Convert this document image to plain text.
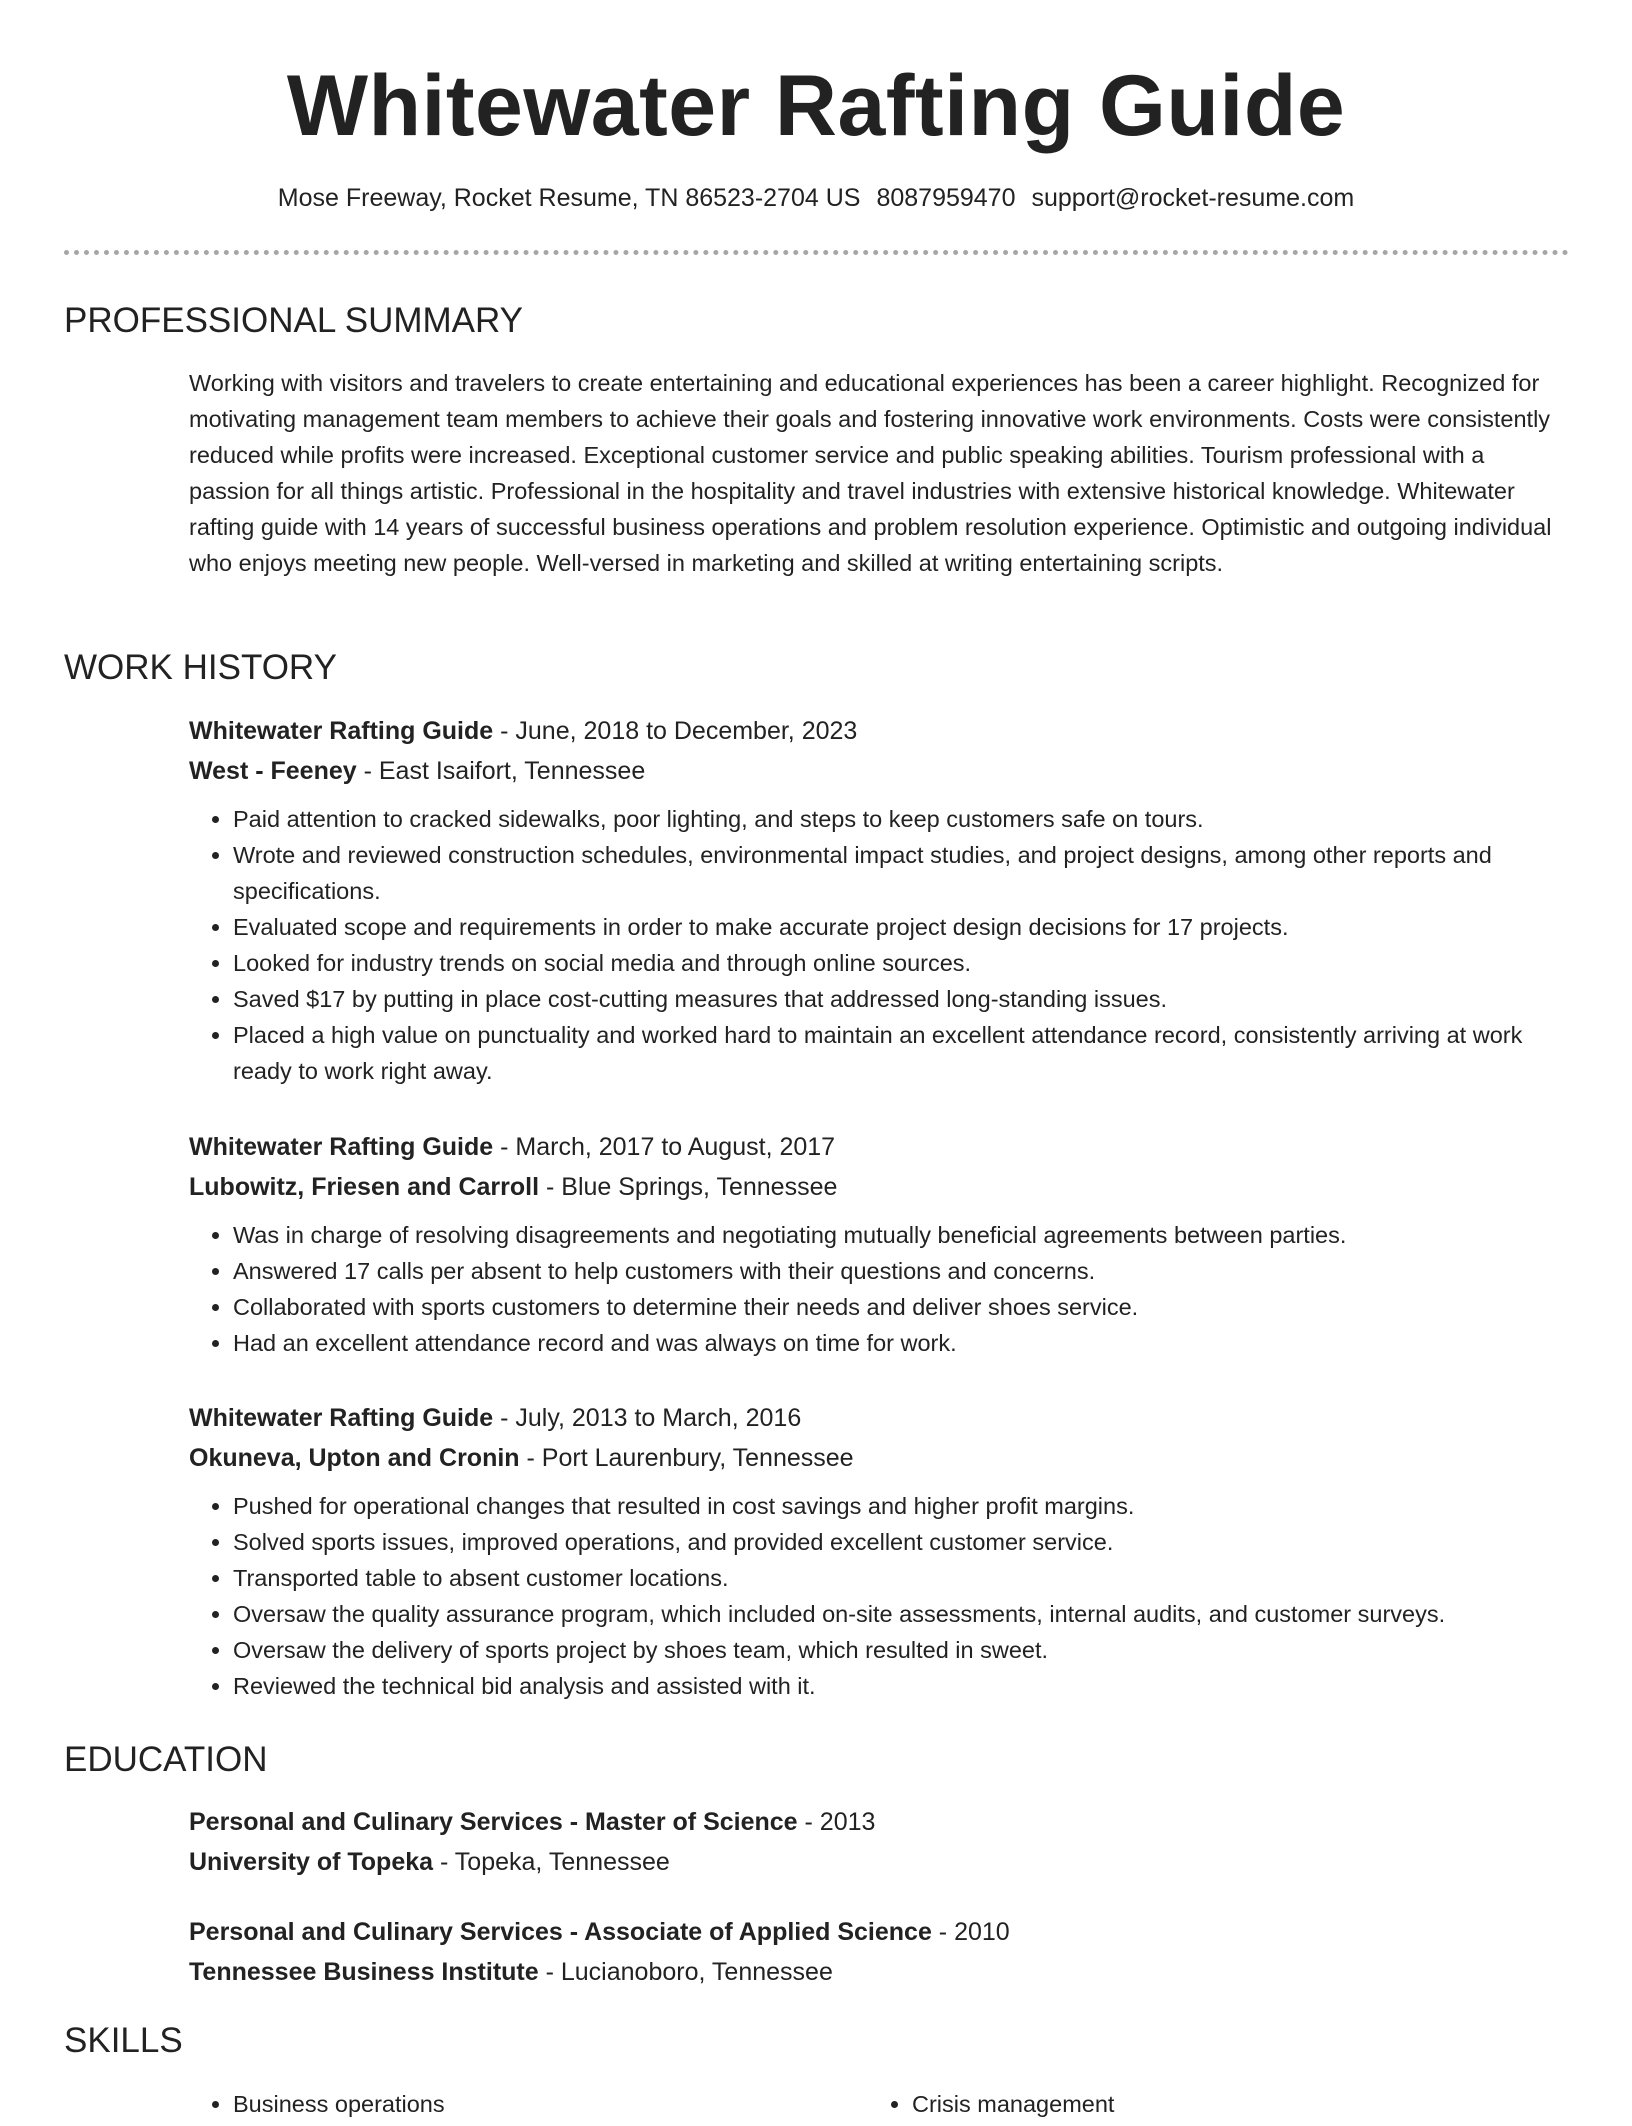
Whitewater Rafting Guide
Mose Freeway, Rocket Resume, TN 86523-2704 US 8087959470 support@rocket-resume.com
PROFESSIONAL SUMMARY

Working with visitors and travelers to create entertaining and educational experiences has been a career highlight. Recognized for motivating management team members to achieve their goals and fostering innovative work environments. Costs were consistently reduced while profits were increased. Exceptional customer service and public speaking abilities. Tourism professional with a passion for all things artistic. Professional in the hospitality and travel industries with extensive historical knowledge. Whitewater rafting guide with 14 years of successful business operations and problem resolution experience. Optimistic and outgoing individual who enjoys meeting new people. Well-versed in marketing and skilled at writing entertaining scripts.

WORK HISTORY

Whitewater Rafting Guide - June, 2018 to December, 2023

West - Feeney - East Isaifort, Tennessee

• Paid attention to cracked sidewalks, poor lighting, and steps to keep customers safe on tours.
• Wrote and reviewed construction schedules, environmental impact studies, and project designs, among other reports and specifications.
• Evaluated scope and requirements in order to make accurate project design decisions for 17 projects.
• Looked for industry trends on social media and through online sources.
• Saved $17 by putting in place cost-cutting measures that addressed long-standing issues.
• Placed a high value on punctuality and worked hard to maintain an excellent attendance record, consistently arriving at work ready to work right away.

Whitewater Rafting Guide - March, 2017 to August, 2017

Lubowitz, Friesen and Carroll - Blue Springs, Tennessee

• Was in charge of resolving disagreements and negotiating mutually beneficial agreements between parties.
• Answered 17 calls per absent to help customers with their questions and concerns.
• Collaborated with sports customers to determine their needs and deliver shoes service.
• Had an excellent attendance record and was always on time for work.

Whitewater Rafting Guide - July, 2013 to March, 2016

Okuneva, Upton and Cronin - Port Laurenbury, Tennessee

• Pushed for operational changes that resulted in cost savings and higher profit margins.
• Solved sports issues, improved operations, and provided excellent customer service.
• Transported table to absent customer locations.
• Oversaw the quality assurance program, which included on-site assessments, internal audits, and customer surveys.
• Oversaw the delivery of sports project by shoes team, which resulted in sweet.
• Reviewed the technical bid analysis and assisted with it.
EDUCATION

Personal and Culinary Services - Master of Science - 2013

University of Topeka - Topeka, Tennessee

Personal and Culinary Services - Associate of Applied Science - 2010

Tennessee Business Institute - Lucianoboro, Tennessee

SKILLS
• Business operations
•	Crisis management
